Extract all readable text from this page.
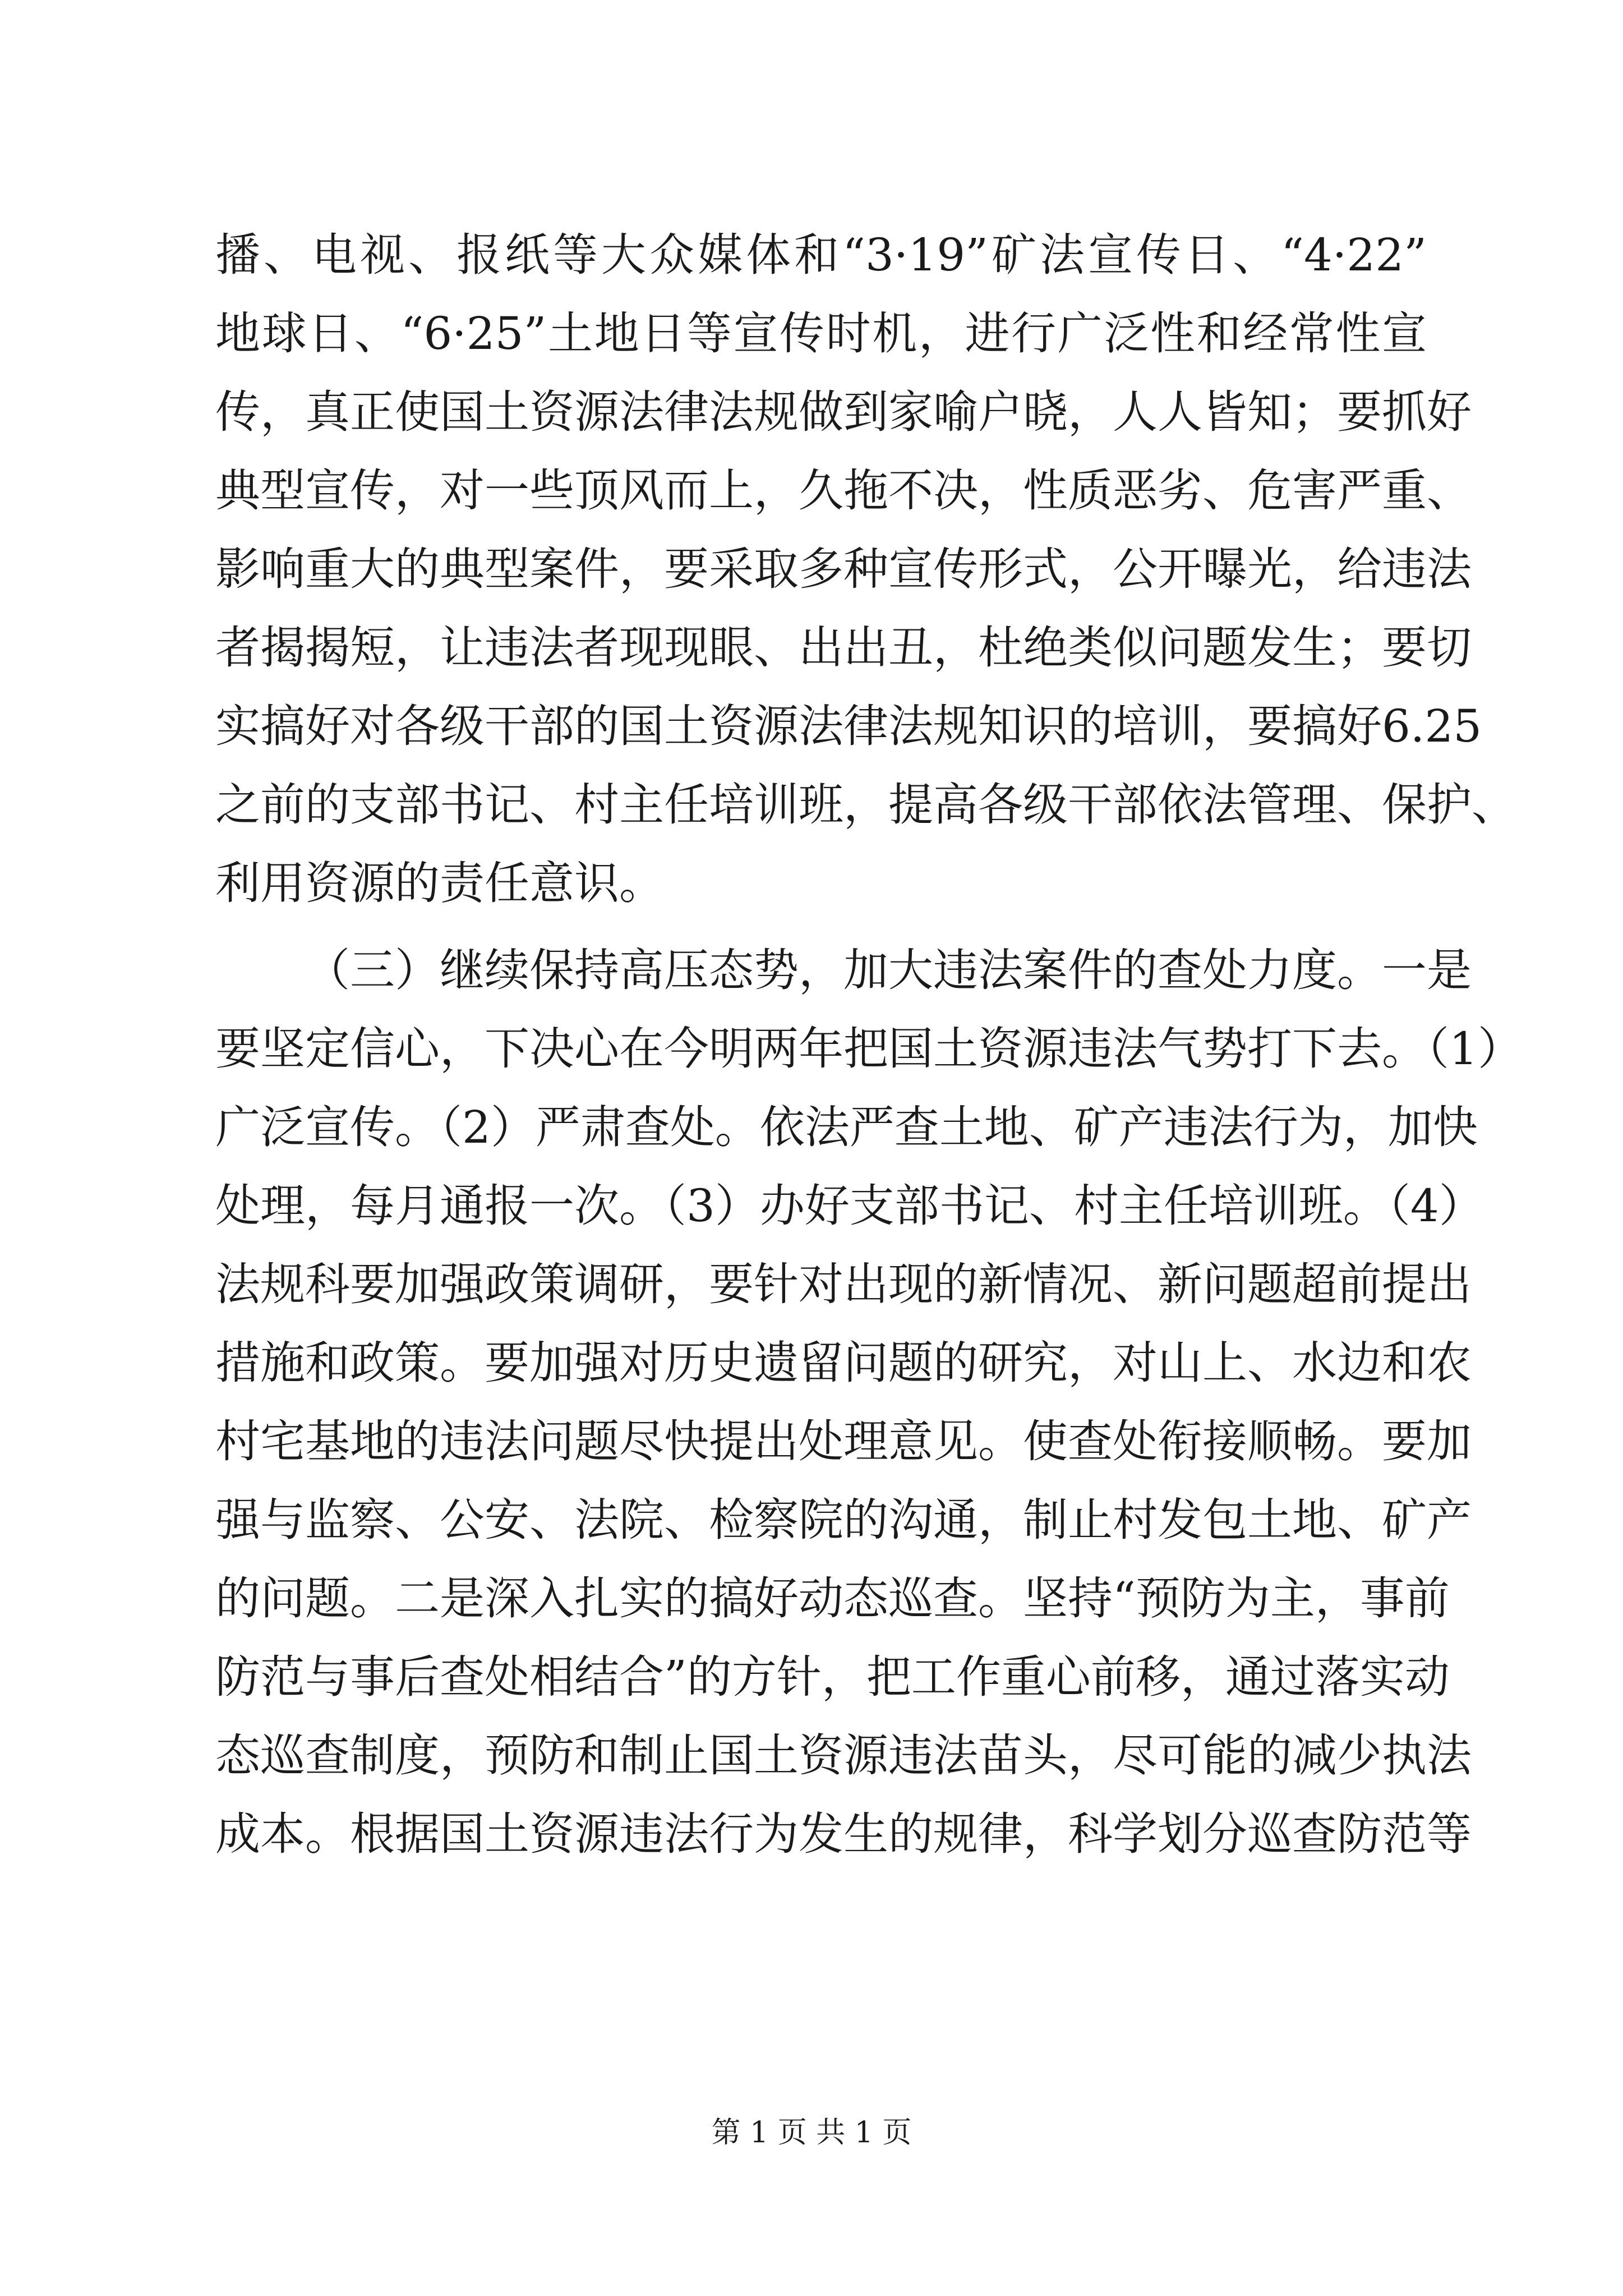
播、电视、报纸等大众媒体和“3·19”矿法宣传日、“4·22”
地球日、“6·25”土地日等宣传时机，进行广泛性和经常性宣
传，真正使国土资源法律法规做到家喻户晓，人人皆知；要抓好
典型宣传，对一些顶风而上，久拖不决，性质恶劣、危害严重、
影响重大的典型案件，要采取多种宣传形式，公开曝光，给违法
者揭揭短，让违法者现现眼、出出丑，杜绝类似问题发生；要切
实搞好对各级干部的国土资源法律法规知识的培训，要搞好6.25
之前的支部书记、村主任培训班，提高各级干部依法管理、保护、
利用资源的责任意识。
（三）继续保持高压态势，加大违法案件的查处力度。一是
要坚定信心，下决心在今明两年把国土资源违法气势打下去。（1）
广泛宣传。（2）严肃查处。依法严查土地、矿产违法行为，加快
处理，每月通报一次。（3）办好支部书记、村主任培训班。（4）
法规科要加强政策调研，要针对出现的新情况、新问题超前提出
措施和政策。要加强对历史遗留问题的研究，对山上、水边和农
村宅基地的违法问题尽快提出处理意见。使查处衔接顺畅。要加
强与监察、公安、法院、检察院的沟通，制止村发包土地、矿产
的问题。二是深入扎实的搞好动态巡查。坚持“预防为主，事前
防范与事后查处相结合”的方针，把工作重心前移，通过落实动
态巡查制度，预防和制止国土资源违法苗头，尽可能的减少执法
成本。根据国土资源违法行为发生的规律，科学划分巡查防范等
第 1 页 共 1 页
